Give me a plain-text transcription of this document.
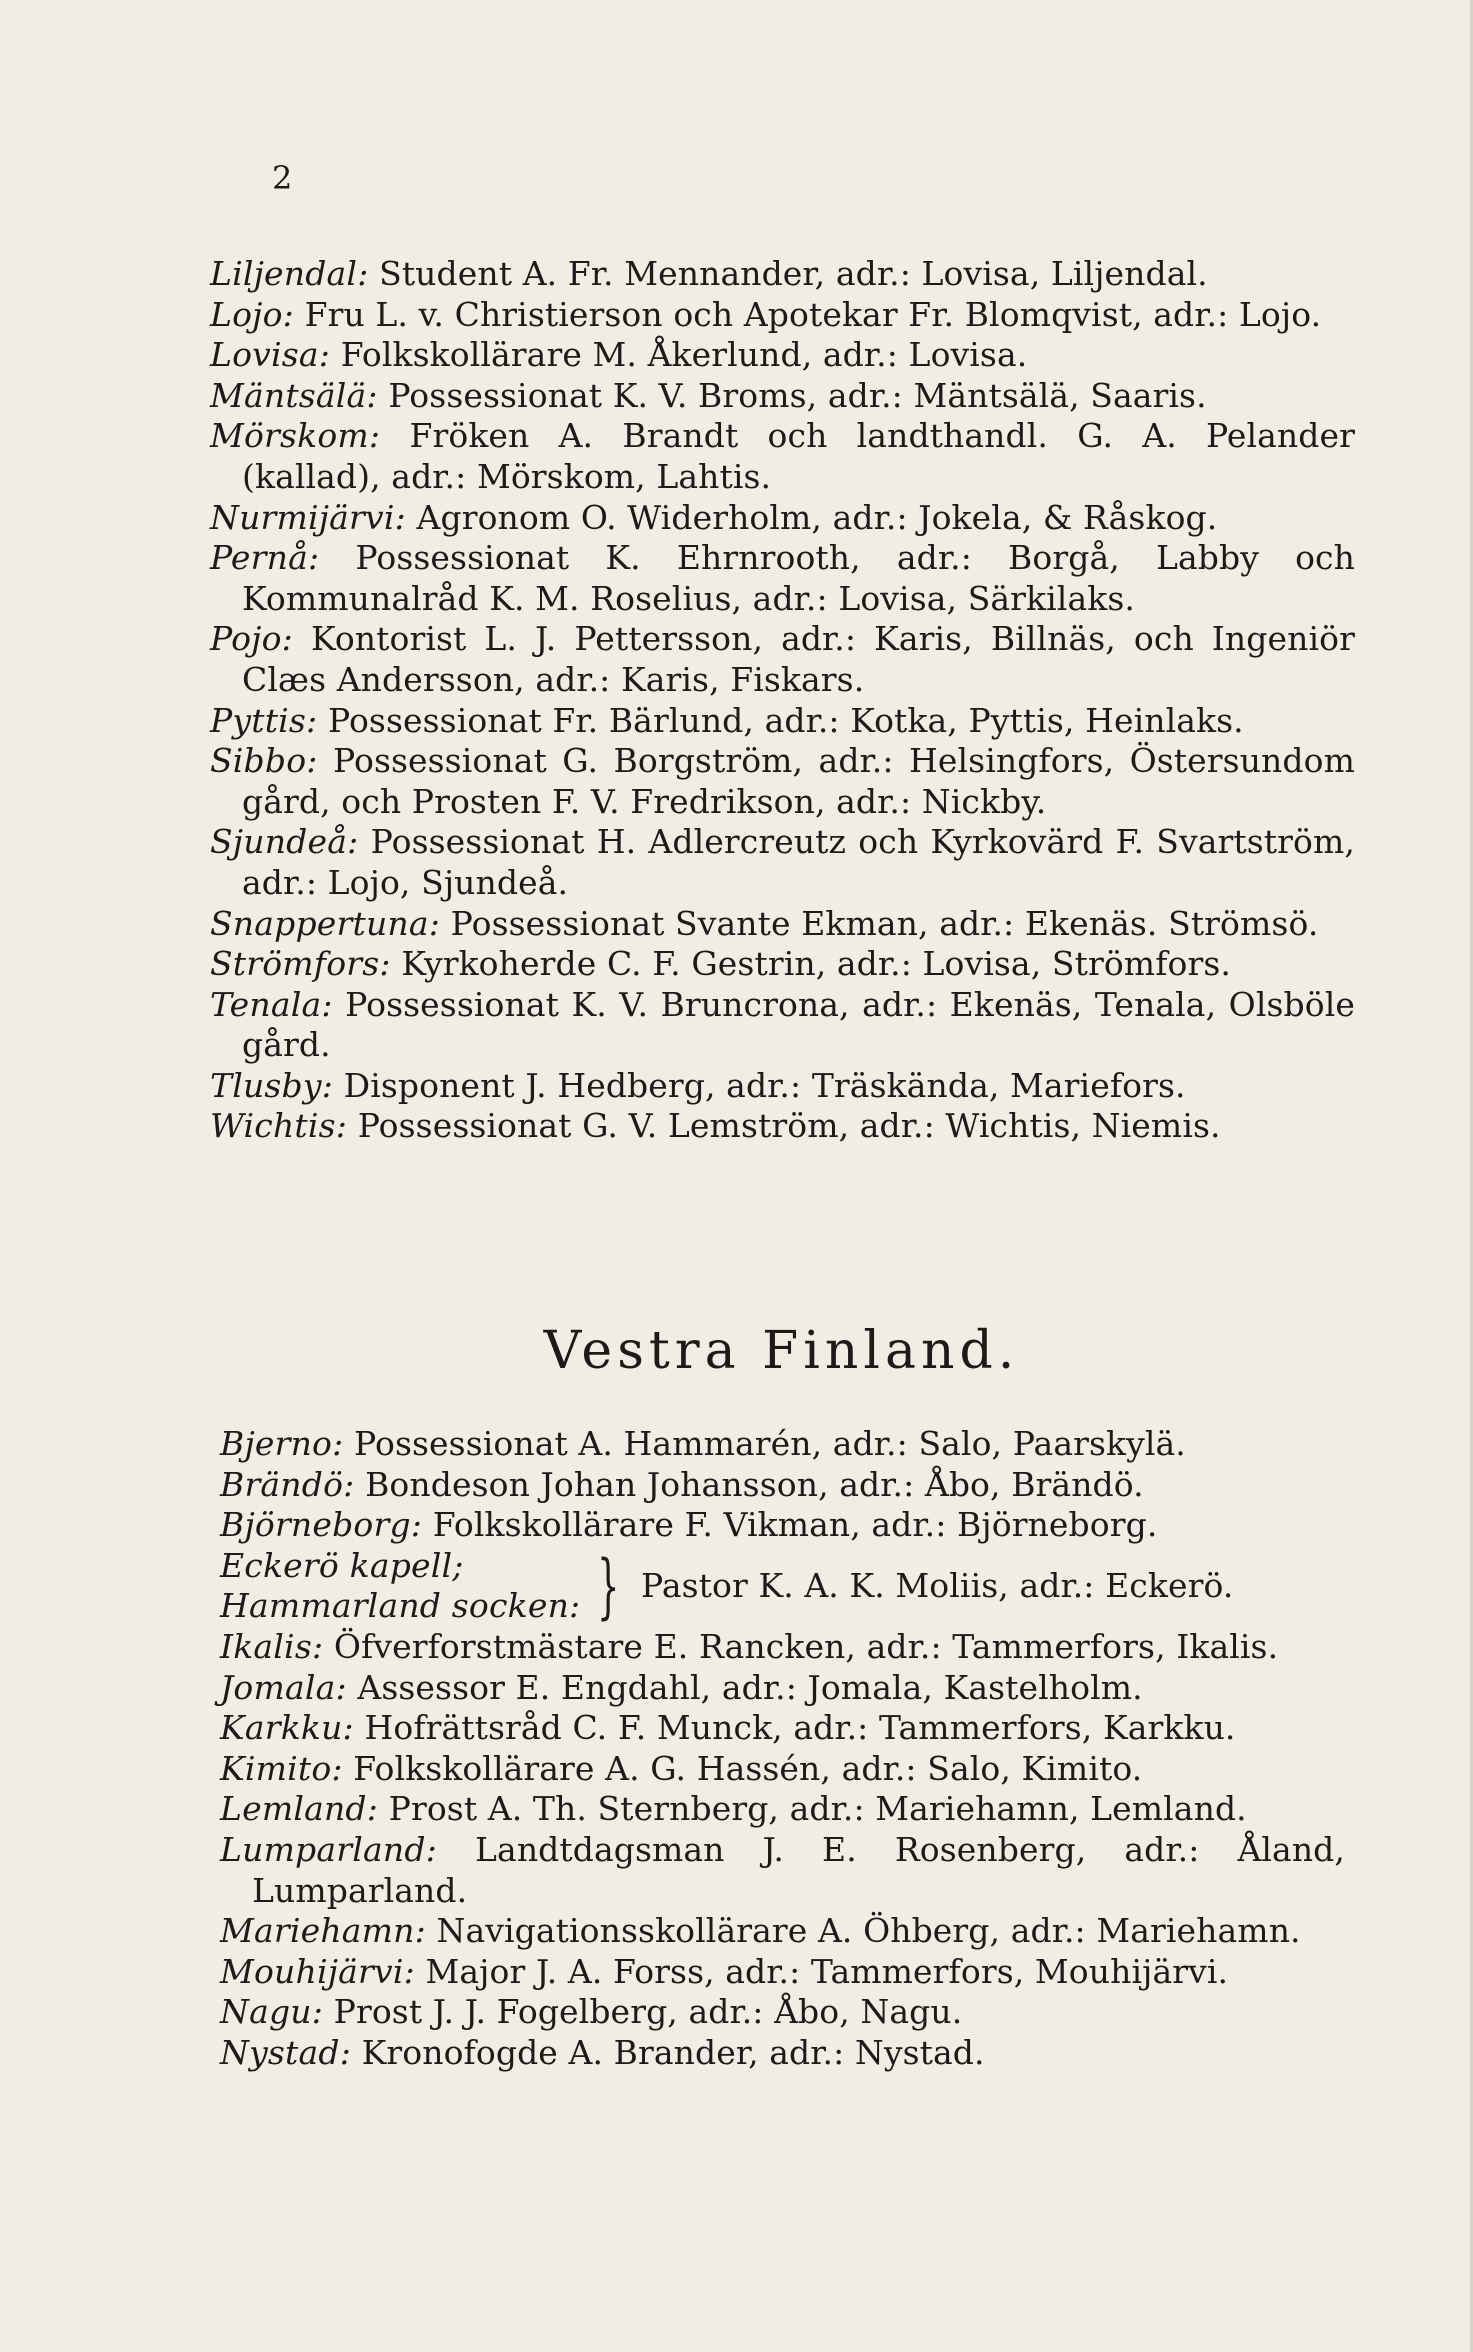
2

Liljendal: Student A. Fr. Mennander, adr.: Lovisa, Liljendal.

Lojo: Fru L. v. Christierson och Apotekar Fr. Blomqvist, adr.: Lojo.

Lovisa: Folkskollärare M. Åkerlund, adr.: Lovisa.

Mäntsälä: Possessionat K. V. Broms, adr.: Mäntsälä, Saaris.

Mörskom: Fröken A. Brandt och landthandl. G. A. Pelander (kallad), adr.: Mörskom, Lahtis.

Nurmijärvi: Agronom O. Widerholm, adr.: Jokela, & Råskog.

Pernå: Possessionat K. Ehrnrooth, adr.: Borgå, Labby och Kommunalråd K. M. Roselius, adr.: Lovisa, Särkilaks.

Pojo: Kontorist L. J. Pettersson, adr.: Karis, Billnäs, och Ingeniör Clæs Andersson, adr.: Karis, Fiskars.

Pyttis: Possessionat Fr. Bärlund, adr.: Kotka, Pyttis, Heinlaks.

Sibbo: Possessionat G. Borgström, adr.: Helsingfors, Östersundom gård, och Prosten F. V. Fredrikson, adr.: Nickby.

Sjundeå: Possessionat H. Adlercreutz och Kyrkovärd F. Svartström, adr.: Lojo, Sjundeå.

Snappertuna: Possessionat Svante Ekman, adr.: Ekenäs. Strömsö.

Strömfors: Kyrkoherde C. F. Gestrin, adr.: Lovisa, Strömfors.

Tenala: Possessionat K. V. Bruncrona, adr.: Ekenäs, Tenala, Olsböle gård.

Tlusby: Disponent J. Hedberg, adr.: Träskända, Mariefors.

Wichtis: Possessionat G. V. Lemström, adr.: Wichtis, Niemis.

Vestra Finland.

Bjerno: Possessionat A. Hammarén, adr.: Salo, Paarskylä.

Brändö: Bondeson Johan Johansson, adr.: Åbo, Brändö.

Björneborg: Folkskollärare F. Vikman, adr.: Björneborg.

Eckerö kapell;
Hammarland socken: } Pastor K. A. K. Moliis, adr.: Eckerö.

Ikalis: Öfverforstmästare E. Rancken, adr.: Tammerfors, Ikalis.

Jomala: Assessor E. Engdahl, adr.: Jomala, Kastelholm.

Karkku: Hofrättsråd C. F. Munck, adr.: Tammerfors, Karkku.

Kimito: Folkskollärare A. G. Hassén, adr.: Salo, Kimito.

Lemland: Prost A. Th. Sternberg, adr.: Mariehamn, Lemland.

Lumparland: Landtdagsman J. E. Rosenberg, adr.: Åland, Lumparland.

Mariehamn: Navigationsskollärare A. Öhberg, adr.: Mariehamn.

Mouhijärvi: Major J. A. Forss, adr.: Tammerfors, Mouhijärvi.

Nagu: Prost J. J. Fogelberg, adr.: Åbo, Nagu.

Nystad: Kronofogde A. Brander, adr.: Nystad.
